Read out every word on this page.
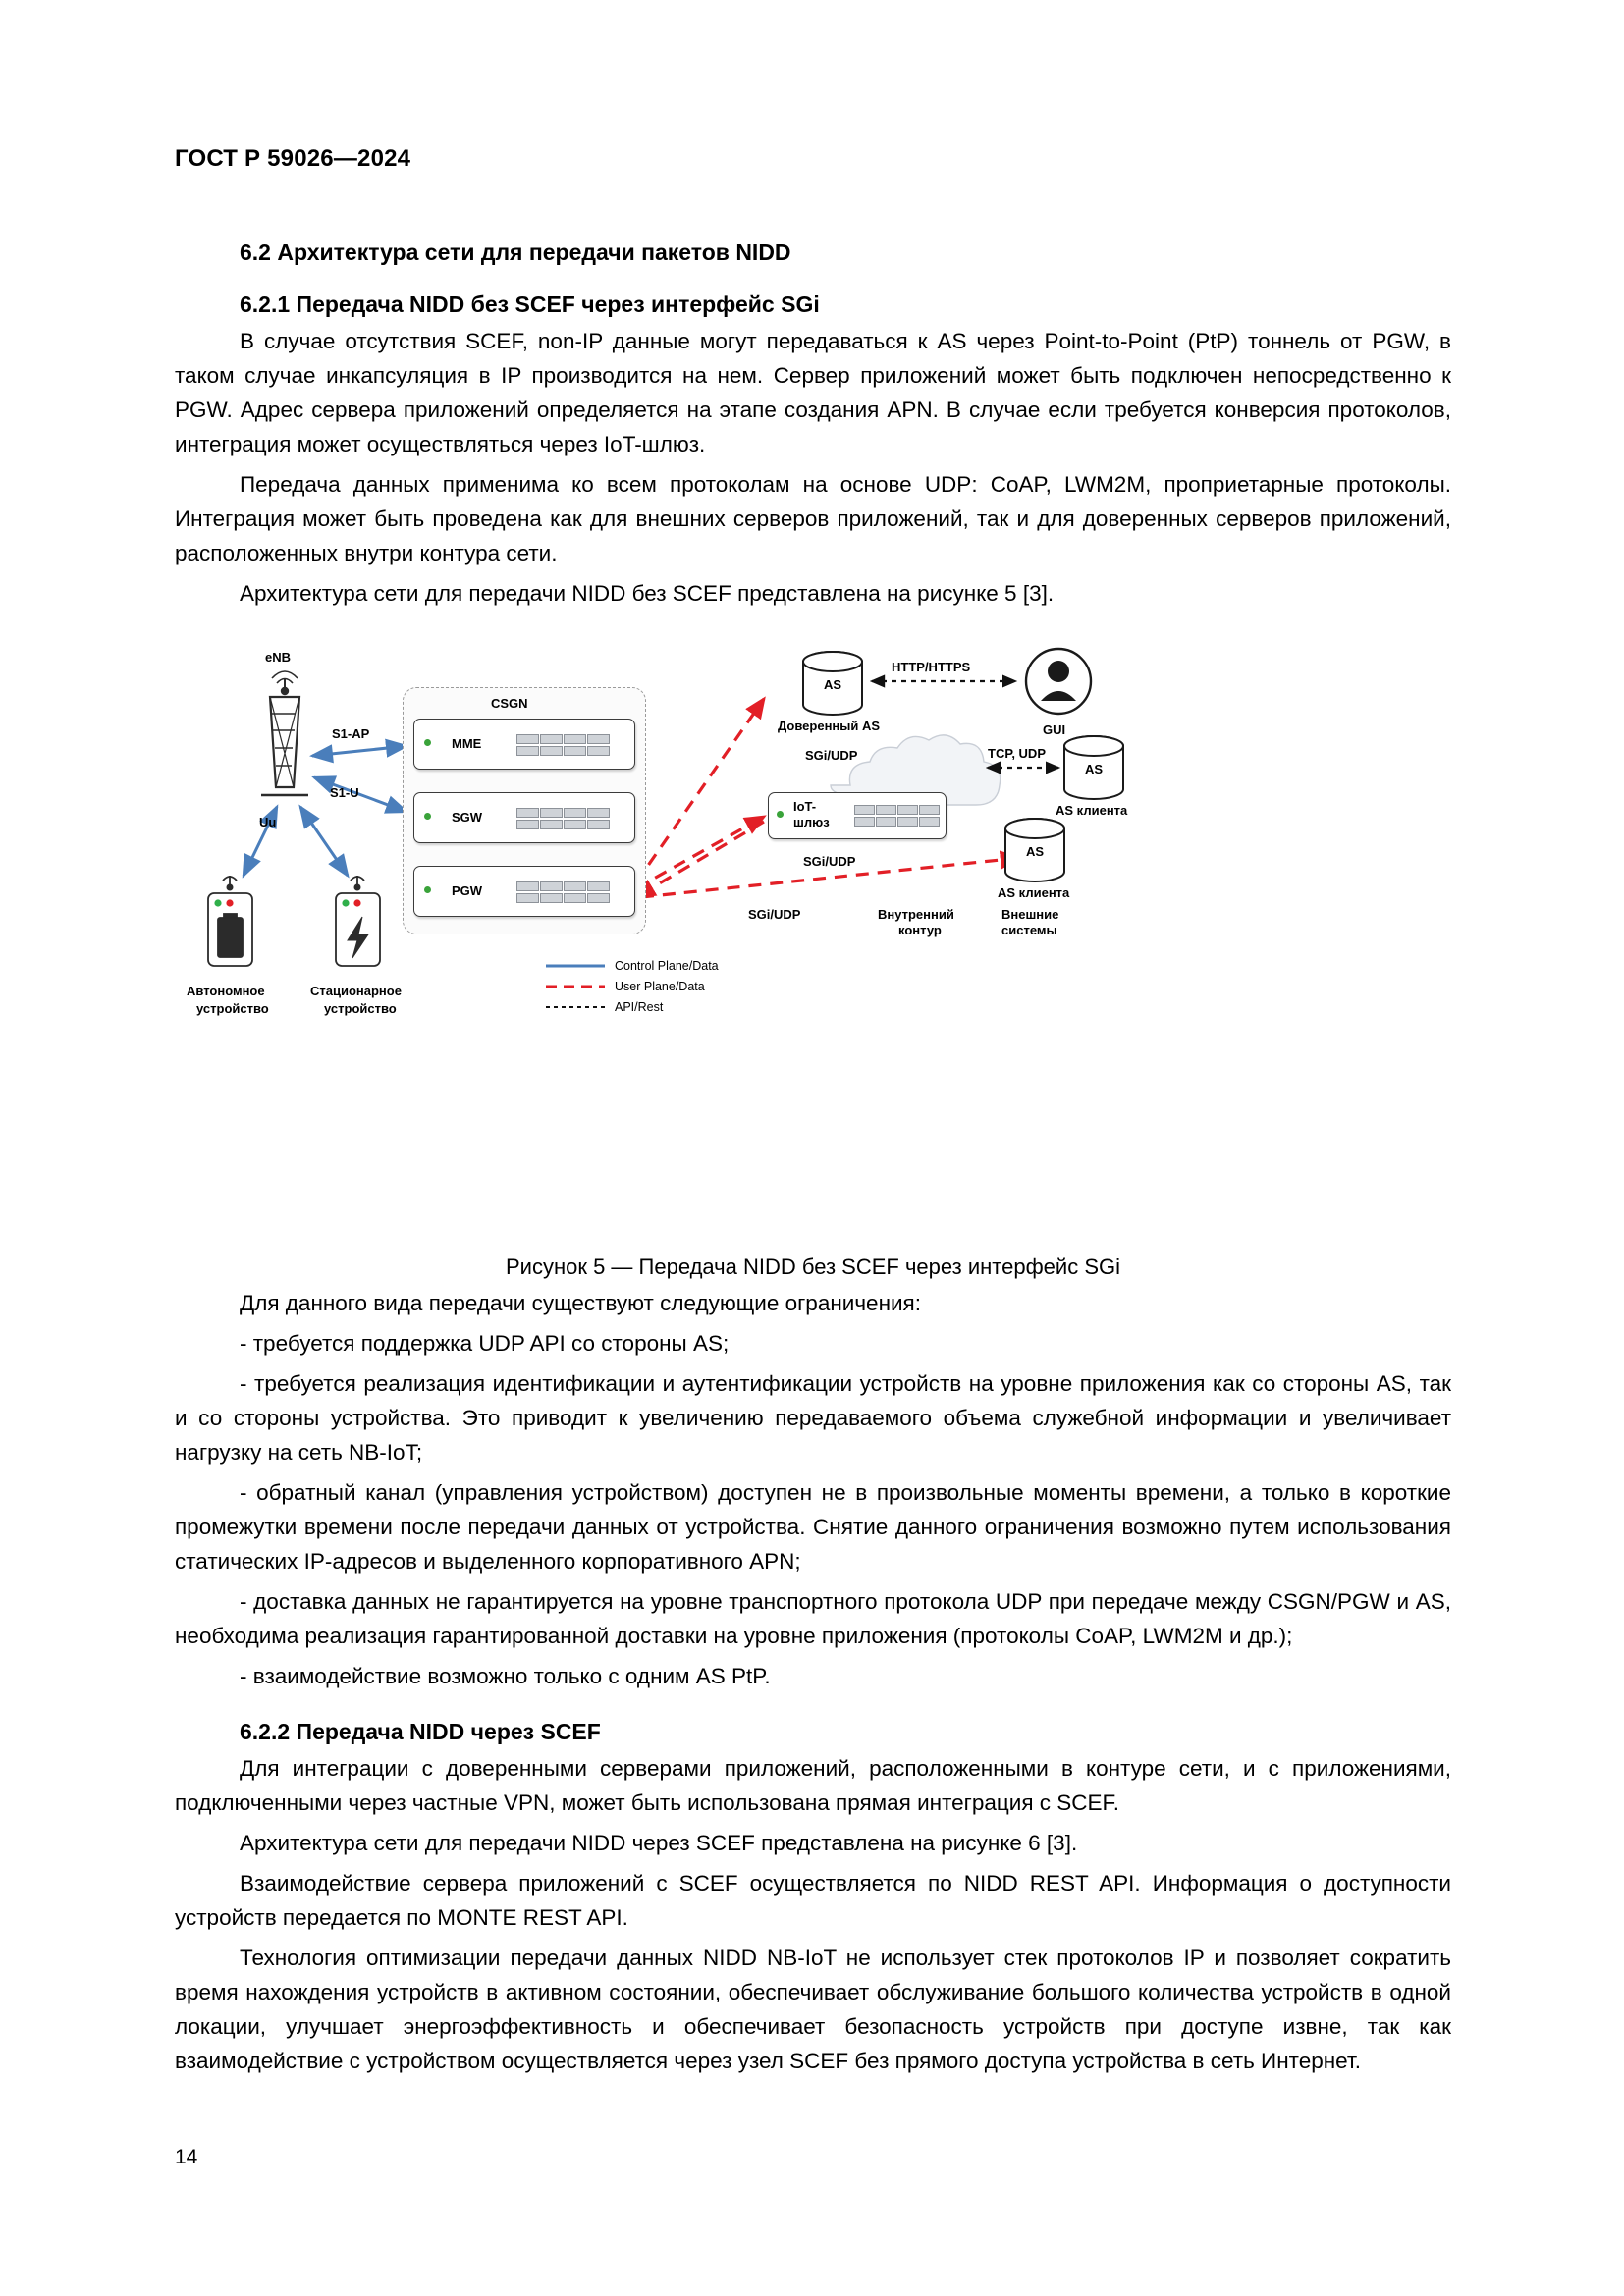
ГОСТ Р 59026—2024
6.2 Архитектура сети для передачи пакетов NIDD
6.2.1 Передача NIDD без SCEF через интерфейс SGi

В случае отсутствия SCEF, non-IP данные могут передаваться к AS через Point-to-Point (PtP) тоннель от PGW, в таком случае инкапсуляция в IP производится на нем. Сервер приложений может быть подключен непосредственно к PGW. Адрес сервера приложений определяется на этапе создания APN. В случае если требуется конверсия протоколов, интеграция может осуществляться через IoT-шлюз.

Передача данных применима ко всем протоколам на основе UDP: CoAP, LWM2M, проприетарные протоколы. Интеграция может быть проведена как для внешних серверов приложений, так и для доверенных серверов приложений, расположенных внутри контура сети.

Архитектура сети для передачи NIDD без SCEF представлена на рисунке 5 [3].

MME
SGW
PGW
IoT-
шлюз
eNB
CSGN
S1-AP
S1-U
Uu
AS
Доверенный AS	GUI
HTTP/HTTPS
TCP, UDP
AS
AS клиента
AS
AS клиента
SGi/UDP
SGi/UDP
SGi/UDP	Внутренний
контур
Внешние
системы
Автономное
устройство
Стационарное
устройство
Control Plane/Data
User Plane/Data
API/Rest
Рисунок 5 — Передача NIDD без SCEF через интерфейс SGi

Для данного вида передачи существуют следующие ограничения:

- требуется поддержка UDP API со стороны AS;

- требуется реализация идентификации и аутентификации устройств на уровне приложения как со стороны AS, так и со стороны устройства. Это приводит к увеличению передаваемого объема служебной информации и увеличивает нагрузку на сеть NB-IoT;

- обратный канал (управления устройством) доступен не в произвольные моменты времени, а только в короткие промежутки времени после передачи данных от устройства. Снятие данного ограничения возможно путем использования статических IP-адресов и выделенного корпоративного APN;

- доставка данных не гарантируется на уровне транспортного протокола UDP при передаче между CSGN/PGW и AS, необходима реализация гарантированной доставки на уровне приложения (протоколы CoAP, LWM2M и др.);

- взаимодействие возможно только с одним AS PtP.

6.2.2 Передача NIDD через SCEF

Для интеграции с доверенными серверами приложений, расположенными в контуре сети, и с приложениями, подключенными через частные VPN, может быть использована прямая интеграция с SCEF.

Архитектура сети для передачи NIDD через SCEF представлена на рисунке 6 [3].

Взаимодействие сервера приложений с SCEF осуществляется по NIDD REST API. Информация о доступности устройств передается по MONTE REST API.

Технология оптимизации передачи данных NIDD NB-IoT не использует стек протоколов IP и позволяет сократить время нахождения устройств в активном состоянии, обеспечивает обслуживание большого количества устройств в одной локации, улучшает энергоэффективность и обеспечивает безопасность устройств при доступе извне, так как взаимодействие с устройством осуществляется через узел SCEF без прямого доступа устройства в сеть Интернет.

14
